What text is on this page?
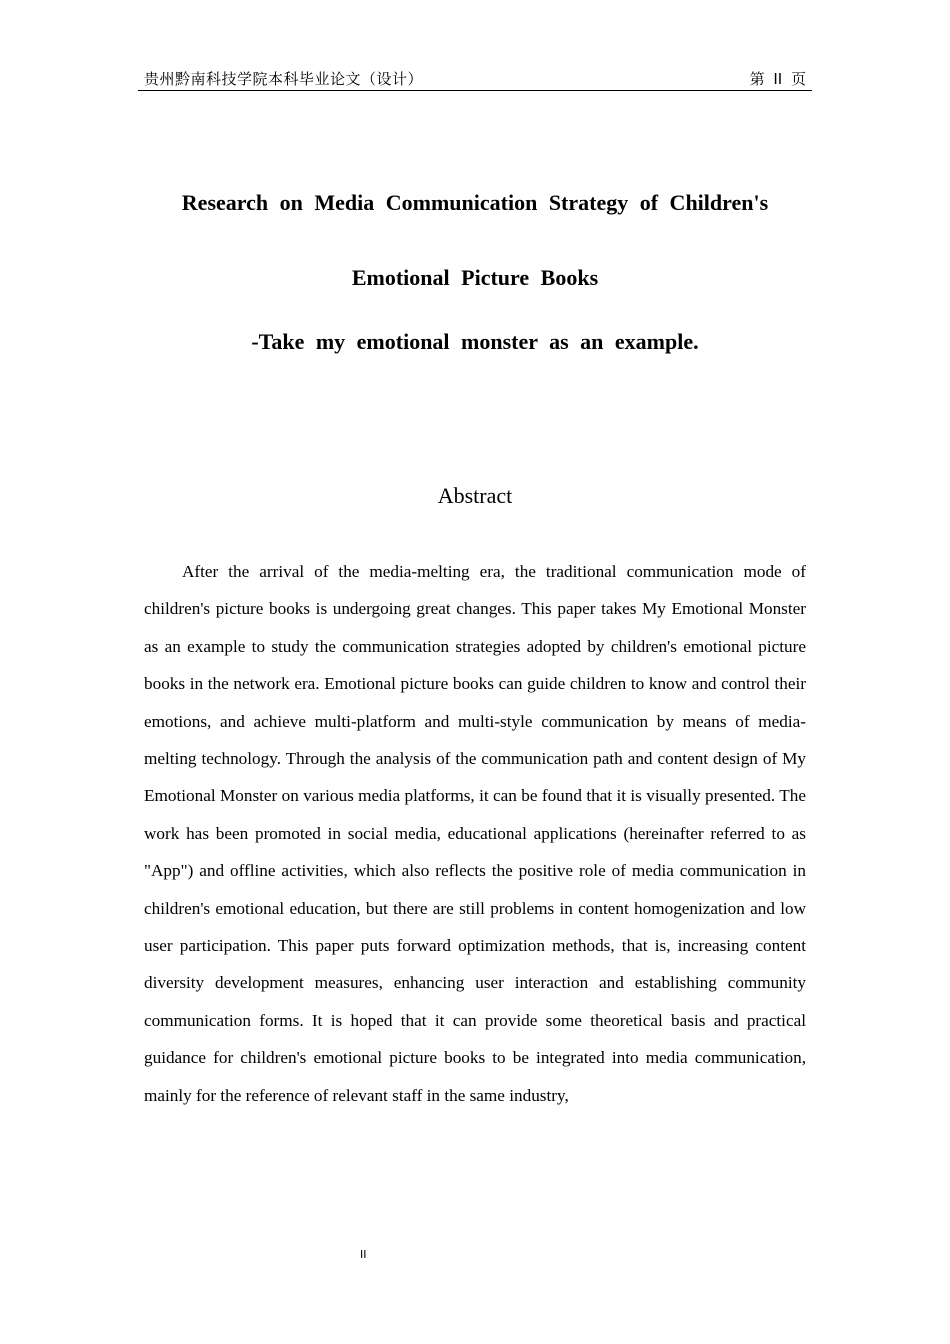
贵州黔南科技学院本科毕业论文（设计）	第 II 页
Research on Media Communication Strategy of Children's
Emotional Picture Books
-Take my emotional monster as an example.
Abstract

After the arrival of the media-melting era, the traditional communication mode of children's picture books is undergoing great changes. This paper takes My Emotional Monster as an example to study the communication strategies adopted by children's emotional picture books in the network era. Emotional picture books can guide children to know and control their emotions, and achieve multi-platform and multi-style communication by means of media-melting technology. Through the analysis of the communication path and content design of My Emotional Monster on various media platforms, it can be found that it is visually presented. The work has been promoted in social media, educational applications (hereinafter referred to as "App") and offline activities, which also reflects the positive role of media communication in children's emotional education, but there are still problems in content homogenization and low user participation. This paper puts forward optimization methods, that is, increasing content diversity development measures, enhancing user interaction and establishing community communication forms. It is hoped that it can provide some theoretical basis and practical guidance for children's emotional picture books to be integrated into media communication, mainly for the reference of relevant staff in the same industry,

II
